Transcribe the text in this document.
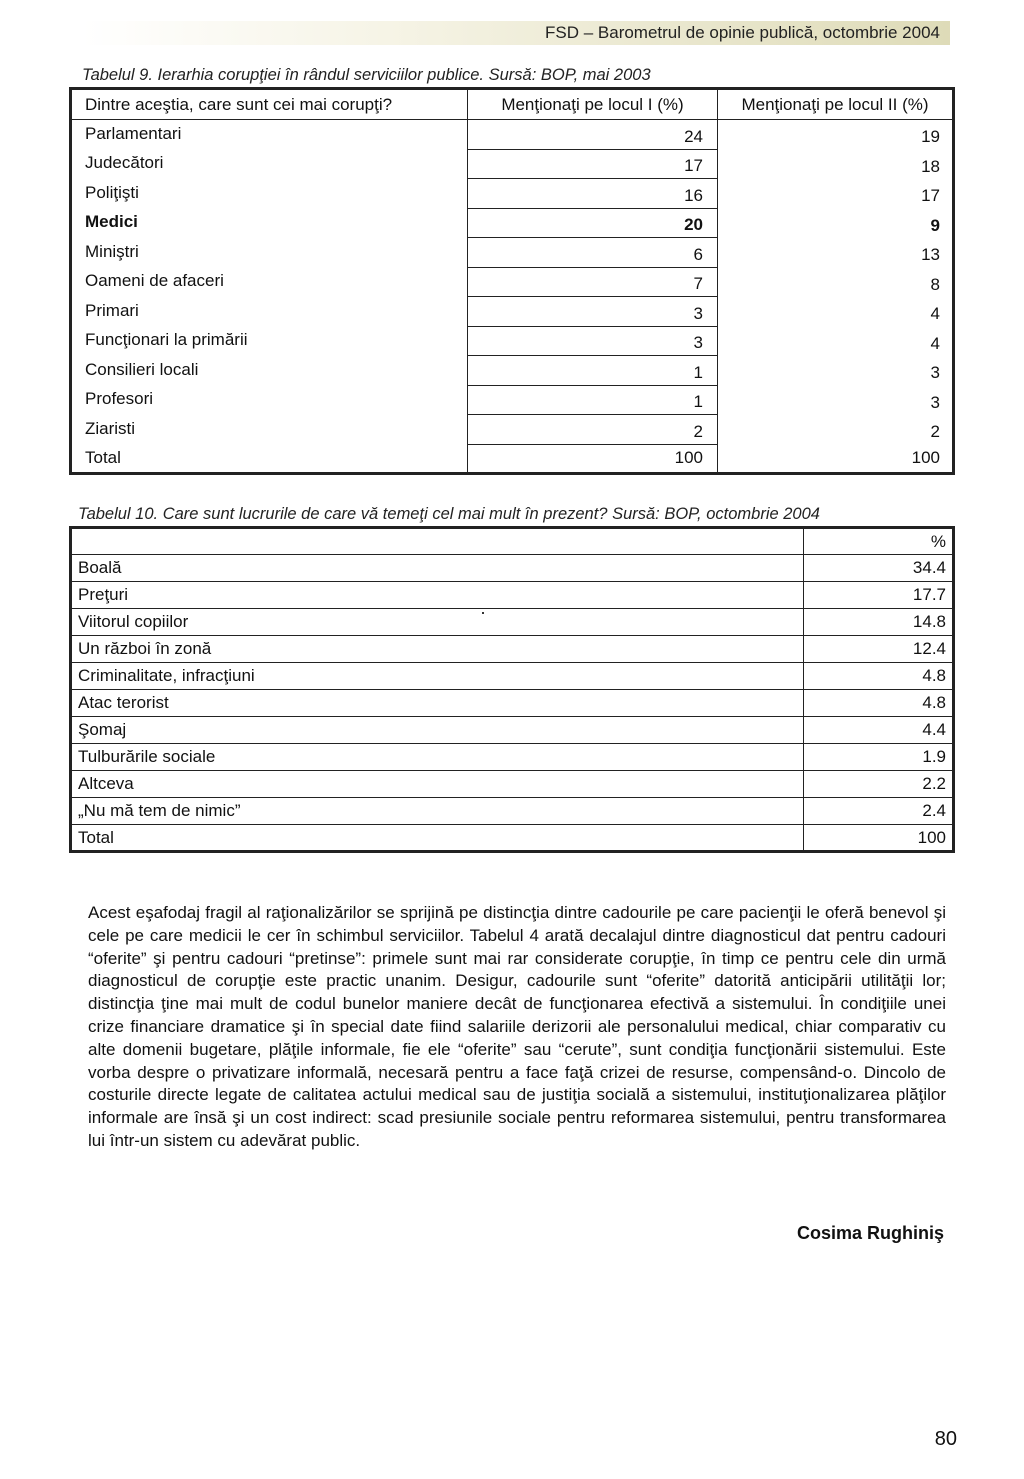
FSD – Barometrul de opinie publică, octombrie 2004
Tabelul 9. Ierarhia corupţiei în rândul serviciilor publice. Sursă: BOP, mai 2003
Dintre aceştia, care sunt cei mai corupţi?	Menţionaţi pe locul I (%)	Menţionaţi pe locul II (%)
Parlamentari	24	19
Judecători	17	18
Poliţişti	16	17
Medici	20	9
Miniştri	6	13
Oameni de afaceri	7	8
Primari	3	4
Funcţionari la primării	3	4
Consilieri locali	1	3
Profesori	1	3
Ziaristi	2	2
Total	100	100
Tabelul 10. Care sunt lucrurile de care vă temeţi cel mai mult în prezent? Sursă: BOP, octombrie 2004
	%
Boală	34.4
Preţuri	17.7
Viitorul copiilor	14.8
Un război în zonă	12.4
Criminalitate, infracţiuni	4.8
Atac terorist	4.8
Şomaj	4.4
Tulburările sociale	1.9
Altceva	2.2
„Nu mă tem de nimic”	2.4
Total	100

Acest eşafodaj fragil al raţionalizărilor se sprijină pe distincţia dintre cadourile pe care pacienţii le oferă benevol şi cele pe care medicii le cer în schimbul serviciilor. Tabelul 4 arată decalajul dintre diagnosticul dat pentru cadouri “oferite” şi pentru cadouri “pretinse”: primele sunt mai rar considerate corupţie, în timp ce pentru cele din urmă diagnosticul de corupţie este practic unanim. Desigur, cadourile sunt “oferite” datorită anticipării utilităţii lor; distincţia ţine mai mult de codul bunelor maniere decât de funcţionarea efectivă a sistemului. În condiţiile unei crize financiare dramatice şi în special date fiind salariile derizorii ale personalului medical, chiar comparativ cu alte domenii bugetare, plăţile informale, fie ele “oferite” sau “cerute”, sunt condiţia funcţionării sistemului. Este vorba despre o privatizare informală, necesară pentru a face faţă crizei de resurse, compensând-o. Dincolo de costurile directe legate de calitatea actului medical sau de justiţia socială a sistemului, instituţionalizarea plăţilor informale are însă şi un cost indirect: scad presiunile sociale pentru reformarea sistemului, pentru transformarea lui într-un sistem cu adevărat public.

Cosima Rughiniş
80
